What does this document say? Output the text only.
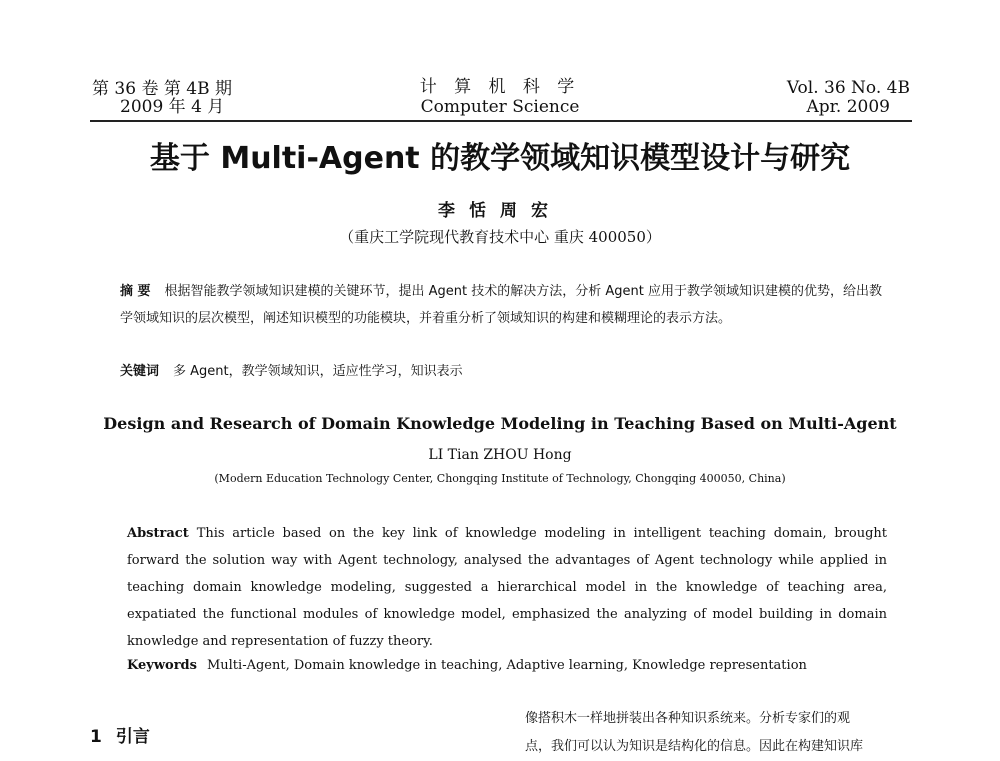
第 36 卷 第 4B 期
2009 年 4 月
计 算 机 科 学
Computer Science
Vol. 36 No. 4B
Apr. 2009
基于 Multi-Agent 的教学领域知识模型设计与研究
李恬周宏
（重庆工学院现代教育技术中心 重庆 400050）
摘 要 根据智能教学领域知识建模的关键环节，提出 Agent 技术的解决方法，分析 Agent 应用于教学领域知识建模的优势，给出教学领域知识的层次模型，阐述知识模型的功能模块，并着重分析了领域知识的构建和模糊理论的表示方法。
关键词 多 Agent，教学领域知识，适应性学习，知识表示
Design and Research of Domain Knowledge Modeling in Teaching Based on Multi-Agent
LI Tian ZHOU Hong
(Modern Education Technology Center, Chongqing Institute of Technology, Chongqing 400050, China)
Abstract This article based on the key link of knowledge modeling in intelligent teaching domain, brought forward the solution way with Agent technology, analysed the advantages of Agent technology while applied in teaching domain knowledge modeling, suggested a hierarchical model in the knowledge of teaching area, expatiated the functional modules of knowledge model, emphasized the analyzing of model building in domain knowledge and representation of fuzzy theory.
Keywords Multi-Agent, Domain knowledge in teaching, Adaptive learning, Knowledge representation
1 引言
像搭积木一样地拼装出各种知识系统来。分析专家们的观
点，我们可以认为知识是结构化的信息。因此在构建知识库
